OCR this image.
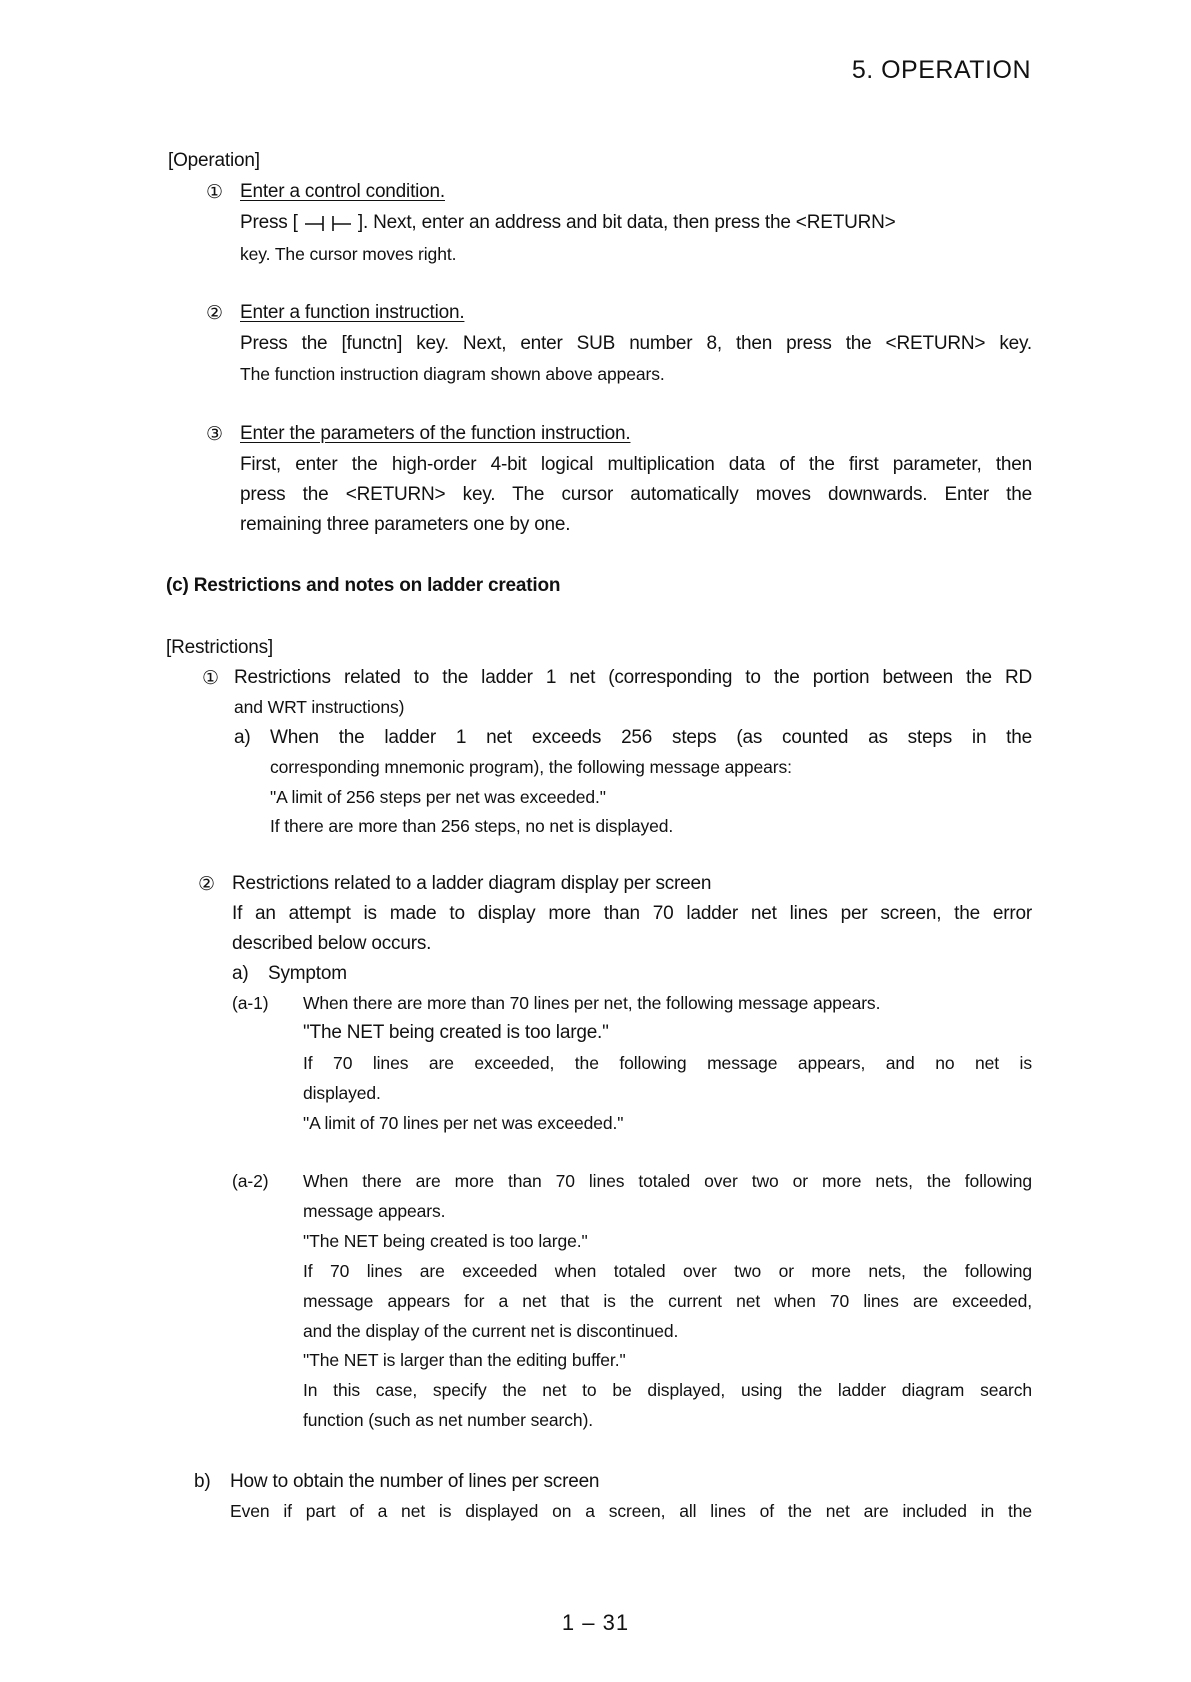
5. OPERATION
[Operation]
① Enter a control condition.
Press [	]. Next, enter an address and bit data, then press the <RETURN>
key. The cursor moves right.
② Enter a function instruction.
Press the [functn] key. Next, enter SUB number 8, then press the <RETURN> key.
The function instruction diagram shown above appears.
③ Enter the parameters of the function instruction.
First, enter the high-order 4-bit logical multiplication data of the first parameter, then
press the <RETURN> key. The cursor automatically moves downwards. Enter the
remaining three parameters one by one.
(c) Restrictions and notes on ladder creation
[Restrictions]
① Restrictions related to the ladder 1 net (corresponding to the portion between the RD
and WRT instructions)
a) When the ladder 1 net exceeds 256 steps (as counted as steps in the
corresponding mnemonic program), the following message appears:
"A limit of 256 steps per net was exceeded."
If there are more than 256 steps, no net is displayed.
② Restrictions related to a ladder diagram display per screen
If an attempt is made to display more than 70 ladder net lines per screen, the error
described below occurs.
a) Symptom
(a-1) When there are more than 70 lines per net, the following message appears.
"The NET being created is too large."
If 70 lines are exceeded, the following message appears, and no net is
displayed.
"A limit of 70 lines per net was exceeded."
(a-2) When there are more than 70 lines totaled over two or more nets, the following
message appears.
"The NET being created is too large."
If 70 lines are exceeded when totaled over two or more nets, the following
message appears for a net that is the current net when 70 lines are exceeded,
and the display of the current net is discontinued.
"The NET is larger than the editing buffer."
In this case, specify the net to be displayed, using the ladder diagram search
function (such as net number search).
b) How to obtain the number of lines per screen
Even if part of a net is displayed on a screen, all lines of the net are included in the
1 – 31
